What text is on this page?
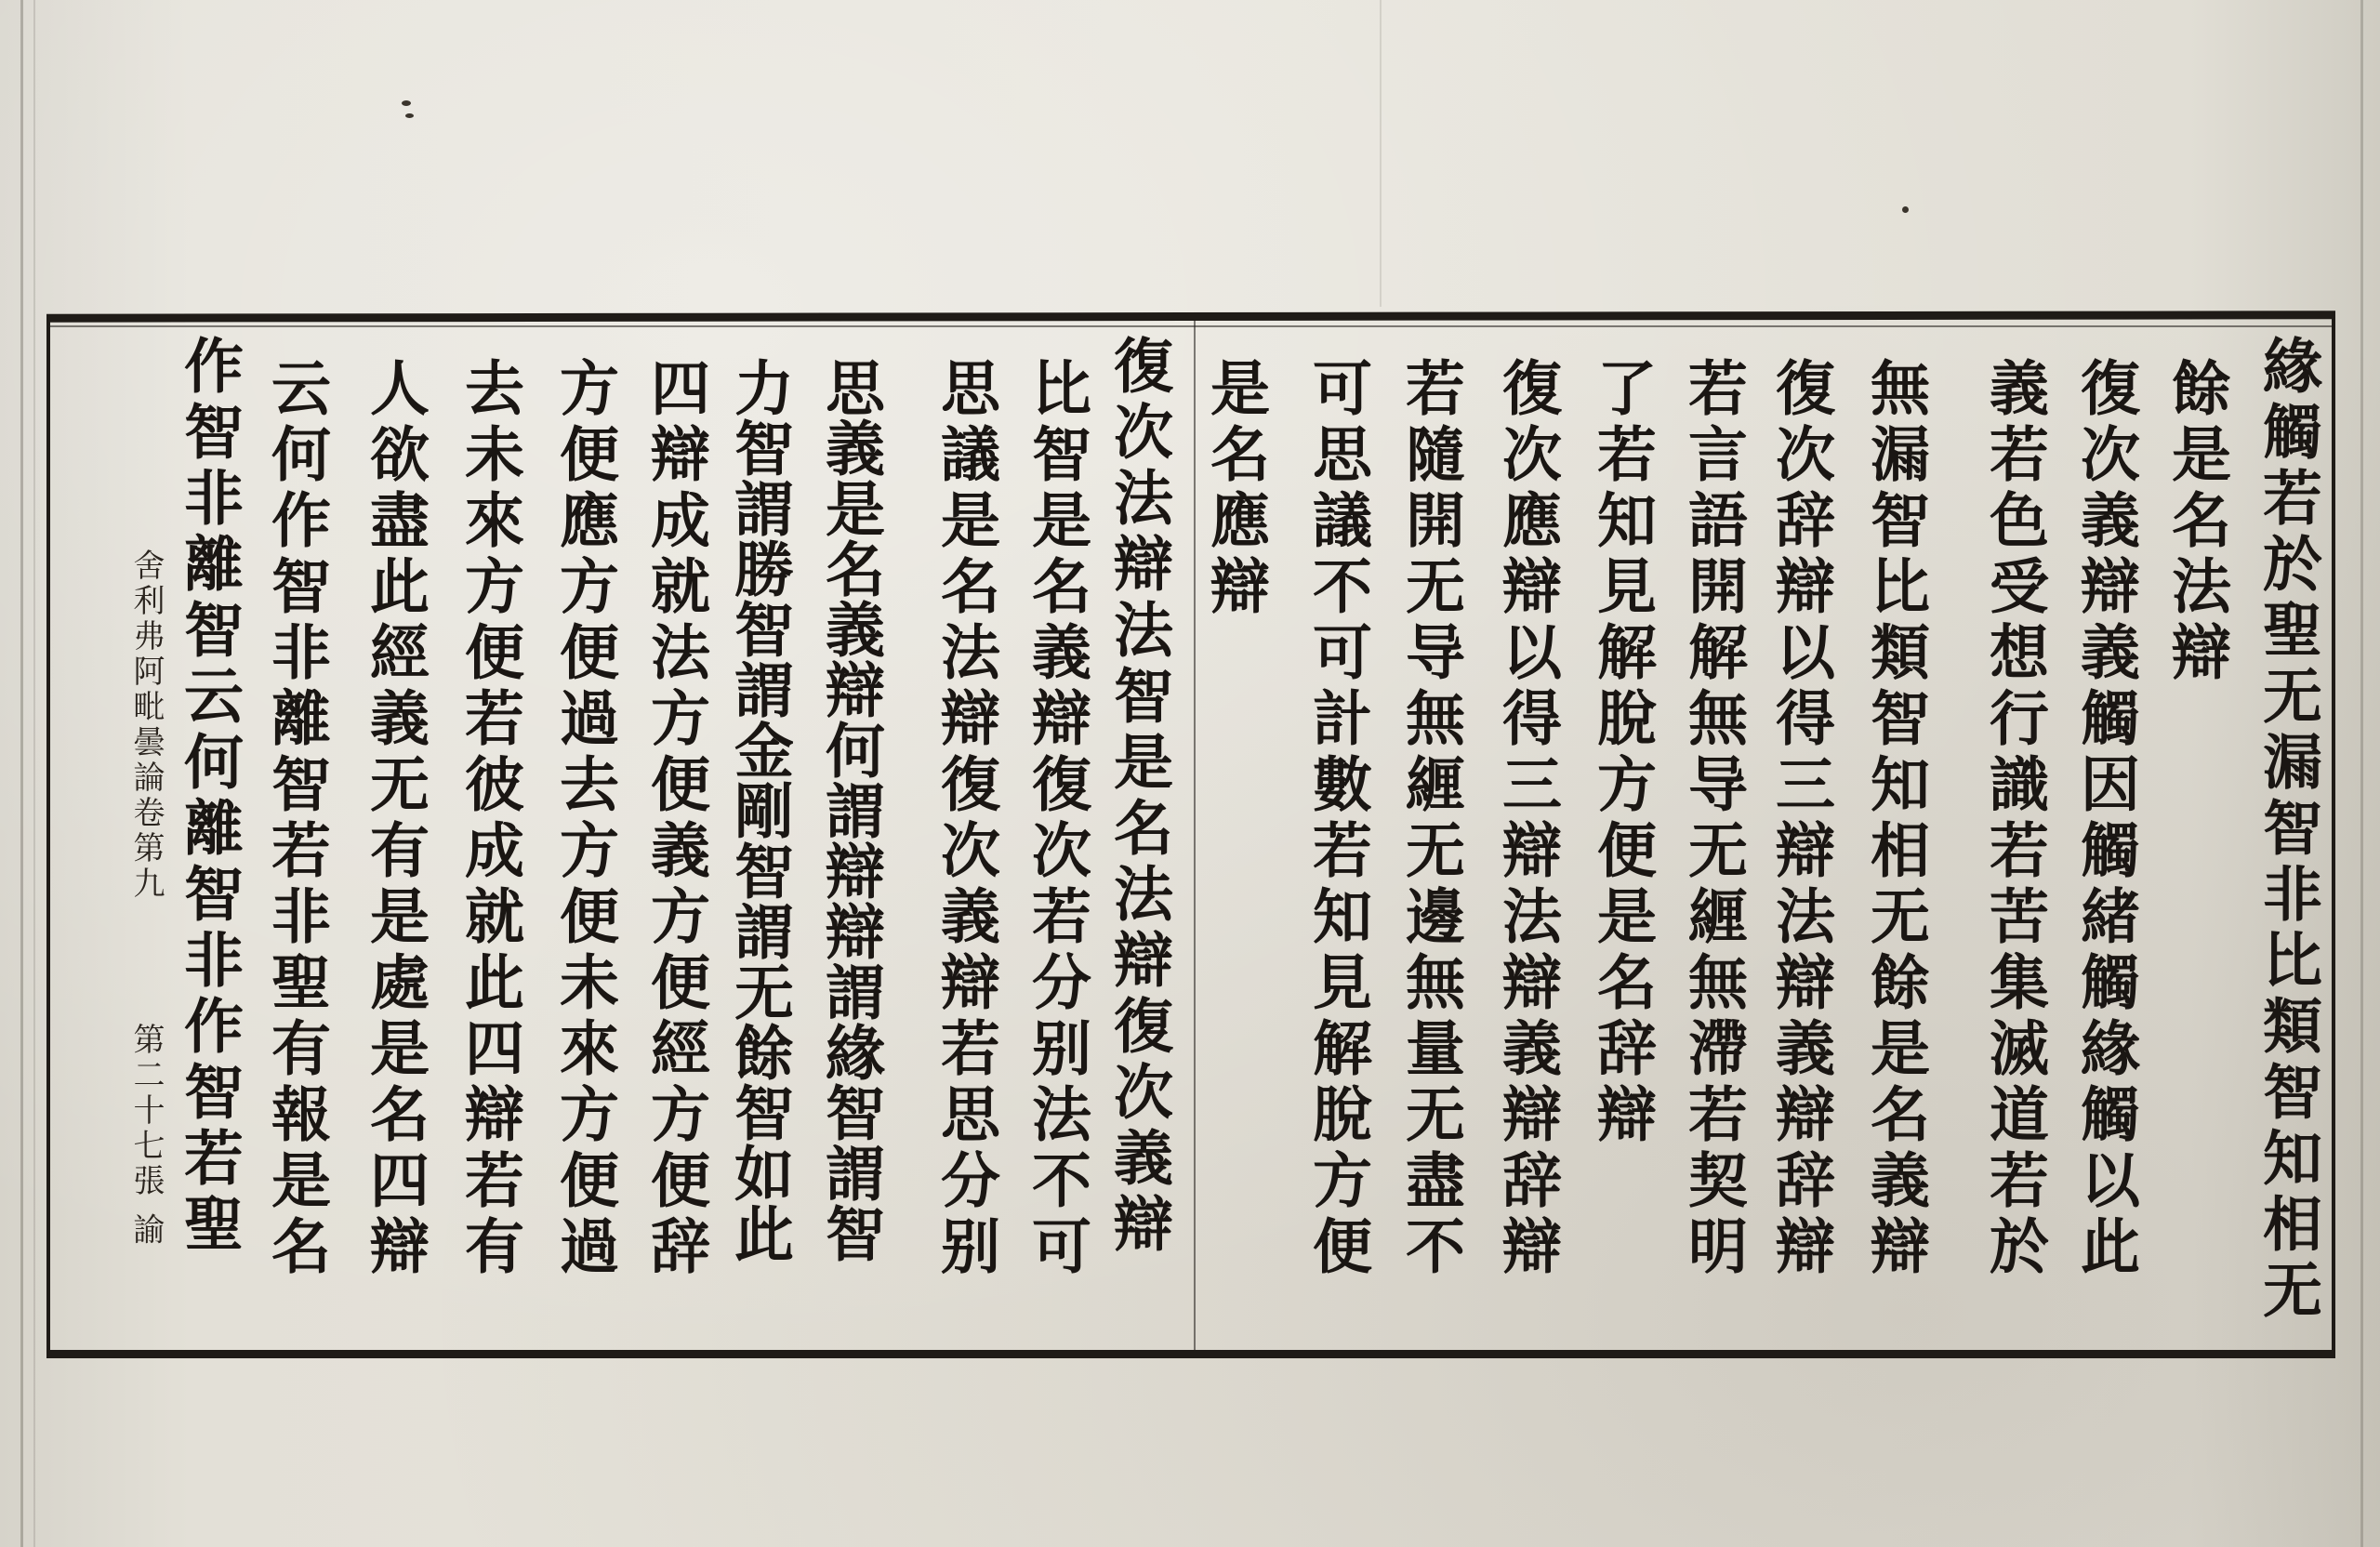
緣觸若於聖无漏智非比類智知相无
餘是名法辯
復次義辯義觸因觸緒觸緣觸以此
義若色受想行識若苦集滅道若於
無漏智比類智知相无餘是名義辯
復次辞辯以得三辯法辯義辯辞辯
若言語開解無导无緾無滯若契明
了若知見解脫方便是名辞辯
復次應辯以得三辯法辯義辯辞辯
若隨開无导無緾无邊無量无盡不
可思議不可計數若知見解脫方便
是名應辯
復次法辯法智是名法辯復次義辯
比智是名義辯復次若分别法不可
思議是名法辯復次義辯若思分别
思義是名義辯何謂辯辯謂緣智謂智
力智謂勝智謂金剛智謂无餘智如此
四辯成就法方便義方便經方便辞
方便應方便過去方便未來方便過
去未來方便若彼成就此四辯若有
人欲盡此經義无有是處是名四辯
云何作智非離智若非聖有報是名
作智非離智云何離智非作智若聖
舍利弗阿毗曇論卷第九
第二十七張 諭
